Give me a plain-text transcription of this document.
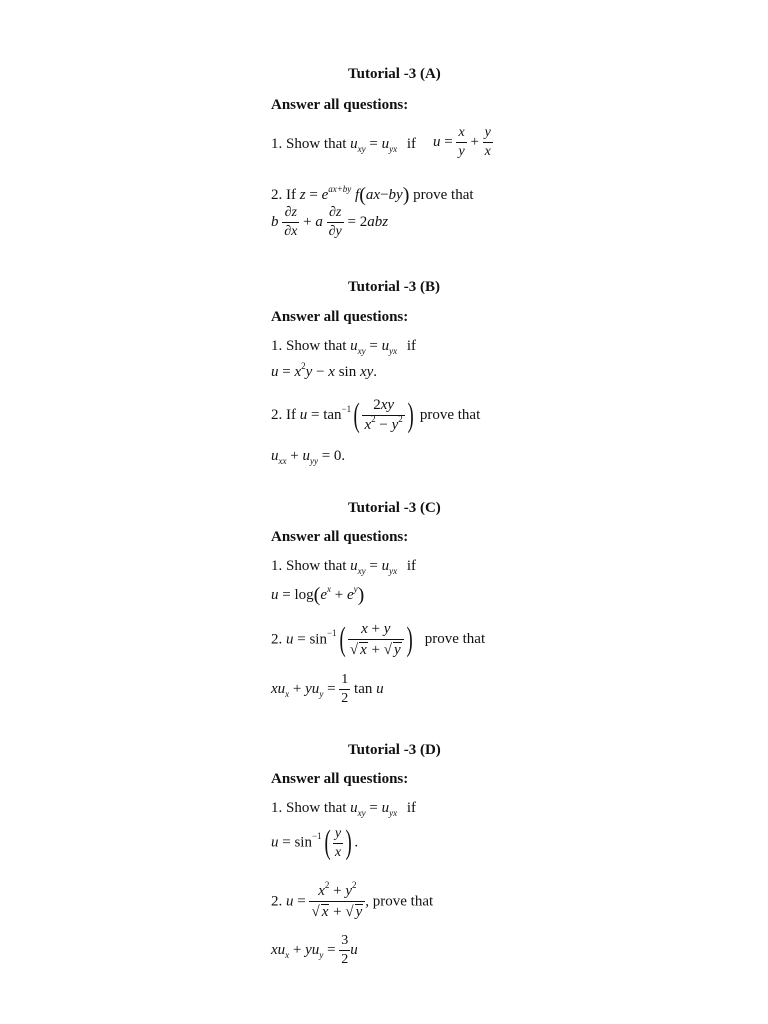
Tutorial -3 (A)
Answer all questions:
1. Show that $u_{xy} = u_{yx}$ if $u = \frac{x}{y} + \frac{y}{x}$
2. If $z = e^{ax+by}$ f(ax−by) prove that
b $\frac{\partial z}{\partial x} + a \frac{\partial z}{\partial y} = 2abz$
Tutorial -3 (B)
Answer all questions:
1. Show that $u_{xy} = u_{yx}$ if
$u = x^2y - x$ sin xy.
2. If $u = \tan^{-1}( \frac{2xy}{x^2 - y^2}$ ) prove that
$u_{xx} + u_{yy} = 0$.
Tutorial -3 (C)
Answer all questions:
1. Show that $u_{xy} = u_{yx}$ if
$u = \log(e^x + e^y)$
2. $u = \sin^{-1}( \frac{x + y}{√ x + √ y}$ ) prove that
$xu_x + yu_y = \frac{1}{2}$ tan u
Tutorial -3 (D)
Answer all questions:
1. Show that $u_{xy} = u_{yx}$ if
$u = \sin^{-1}( \frac{y}{x}$ ) .
2. $u = \frac{x^2 + y^2}{√ x + √ y}$ , prove that
$xu_x + yu_y = \frac{3}{2}$ u
